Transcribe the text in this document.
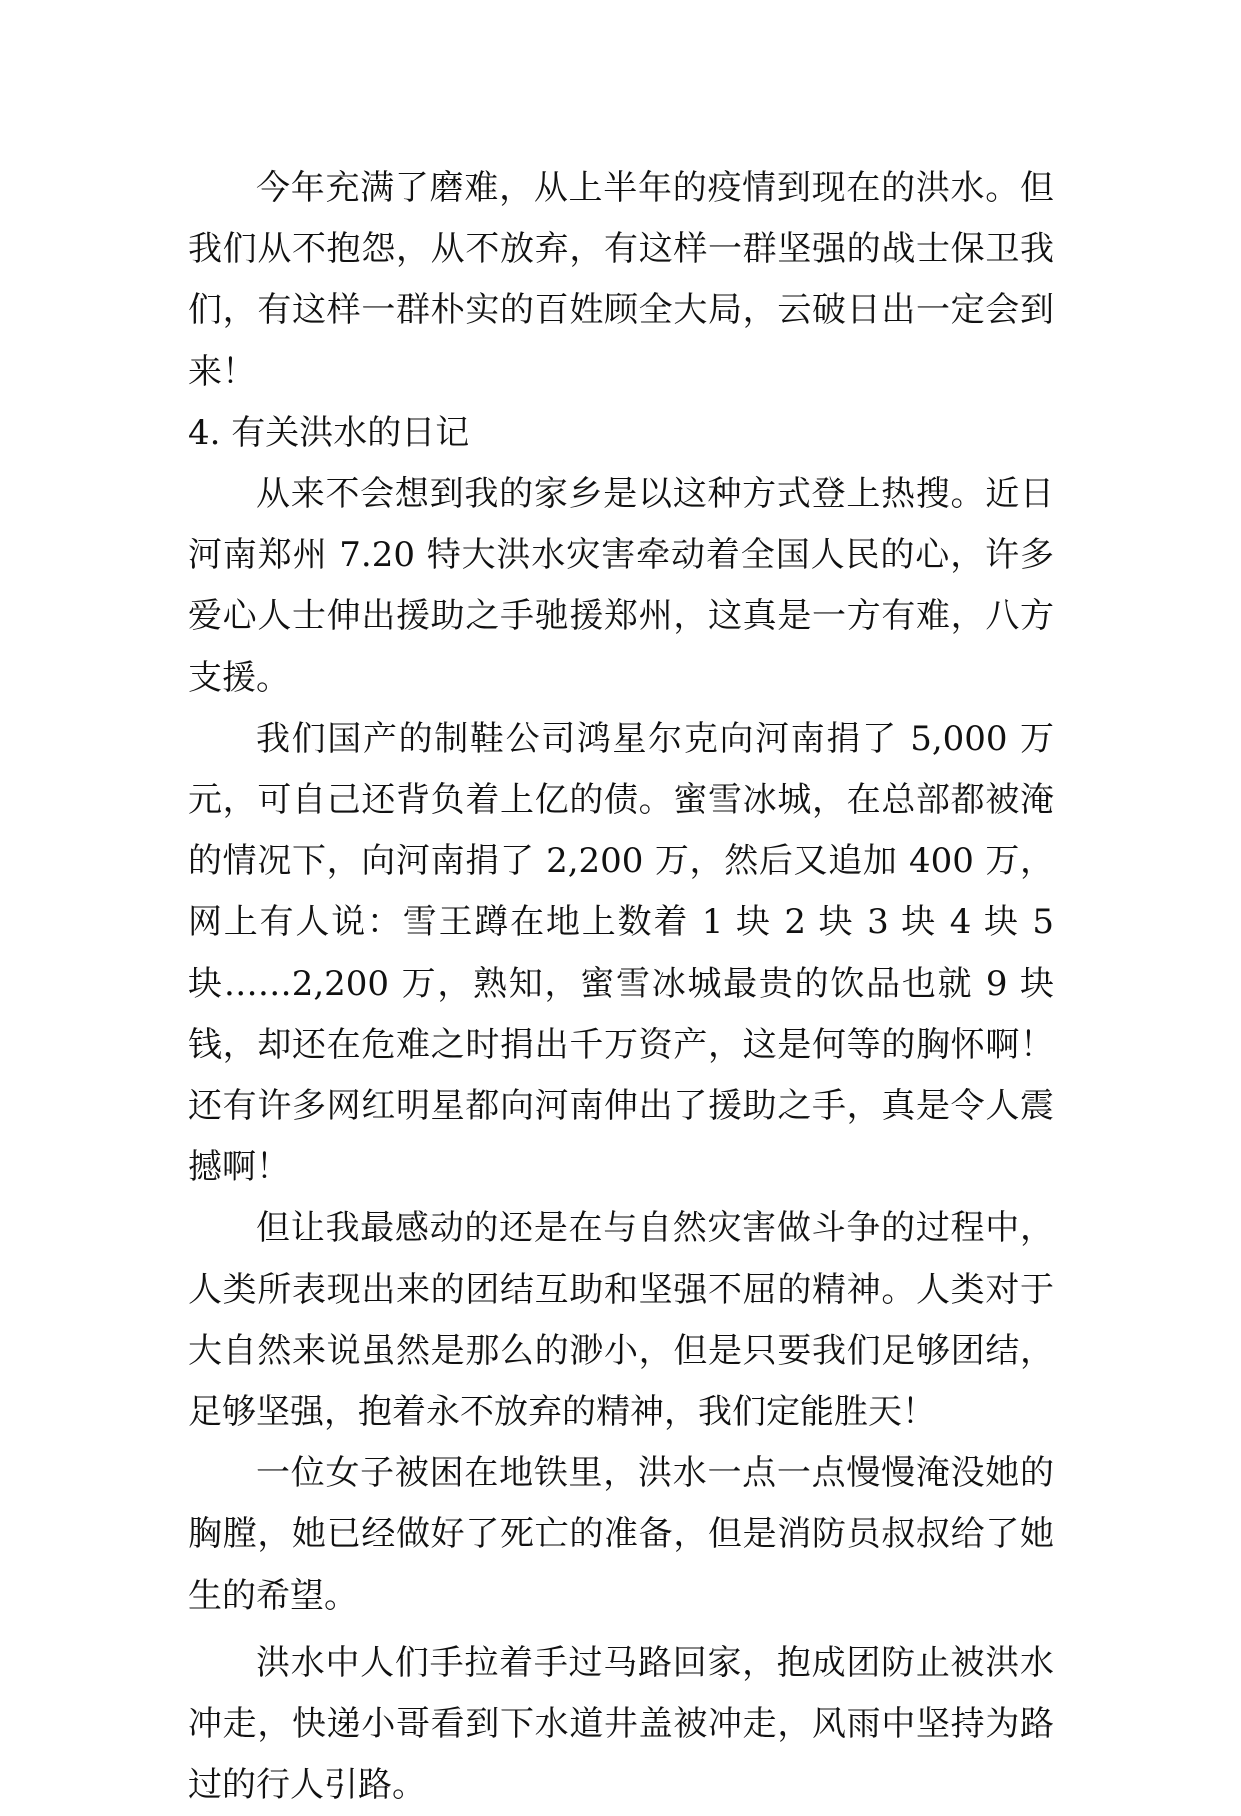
今年充满了磨难，从上半年的疫情到现在的洪水。但我们从不抱怨，从不放弃，有这样一群坚强的战士保卫我们，有这样一群朴实的百姓顾全大局，云破日出一定会到来！

4. 有关洪水的日记

从来不会想到我的家乡是以这种方式登上热搜。近日河南郑州 7.20 特大洪水灾害牵动着全国人民的心，许多爱心人士伸出援助之手驰援郑州，这真是一方有难，八方支援。

我们国产的制鞋公司鸿星尔克向河南捐了 5,000 万元，可自己还背负着上亿的债。蜜雪冰城，在总部都被淹的情况下，向河南捐了 2,200 万，然后又追加 400 万，网上有人说：雪王蹲在地上数着 1 块 2 块 3 块 4 块 5 块……2,200 万，熟知，蜜雪冰城最贵的饮品也就 9 块钱，却还在危难之时捐出千万资产，这是何等的胸怀啊！还有许多网红明星都向河南伸出了援助之手，真是令人震撼啊！

但让我最感动的还是在与自然灾害做斗争的过程中，人类所表现出来的团结互助和坚强不屈的精神。人类对于大自然来说虽然是那么的渺小，但是只要我们足够团结，足够坚强，抱着永不放弃的精神，我们定能胜天！

一位女子被困在地铁里，洪水一点一点慢慢淹没她的胸膛，她已经做好了死亡的准备，但是消防员叔叔给了她生的希望。

洪水中人们手拉着手过马路回家，抱成团防止被洪水冲走，快递小哥看到下水道井盖被冲走，风雨中坚持为路过的行人引路。
